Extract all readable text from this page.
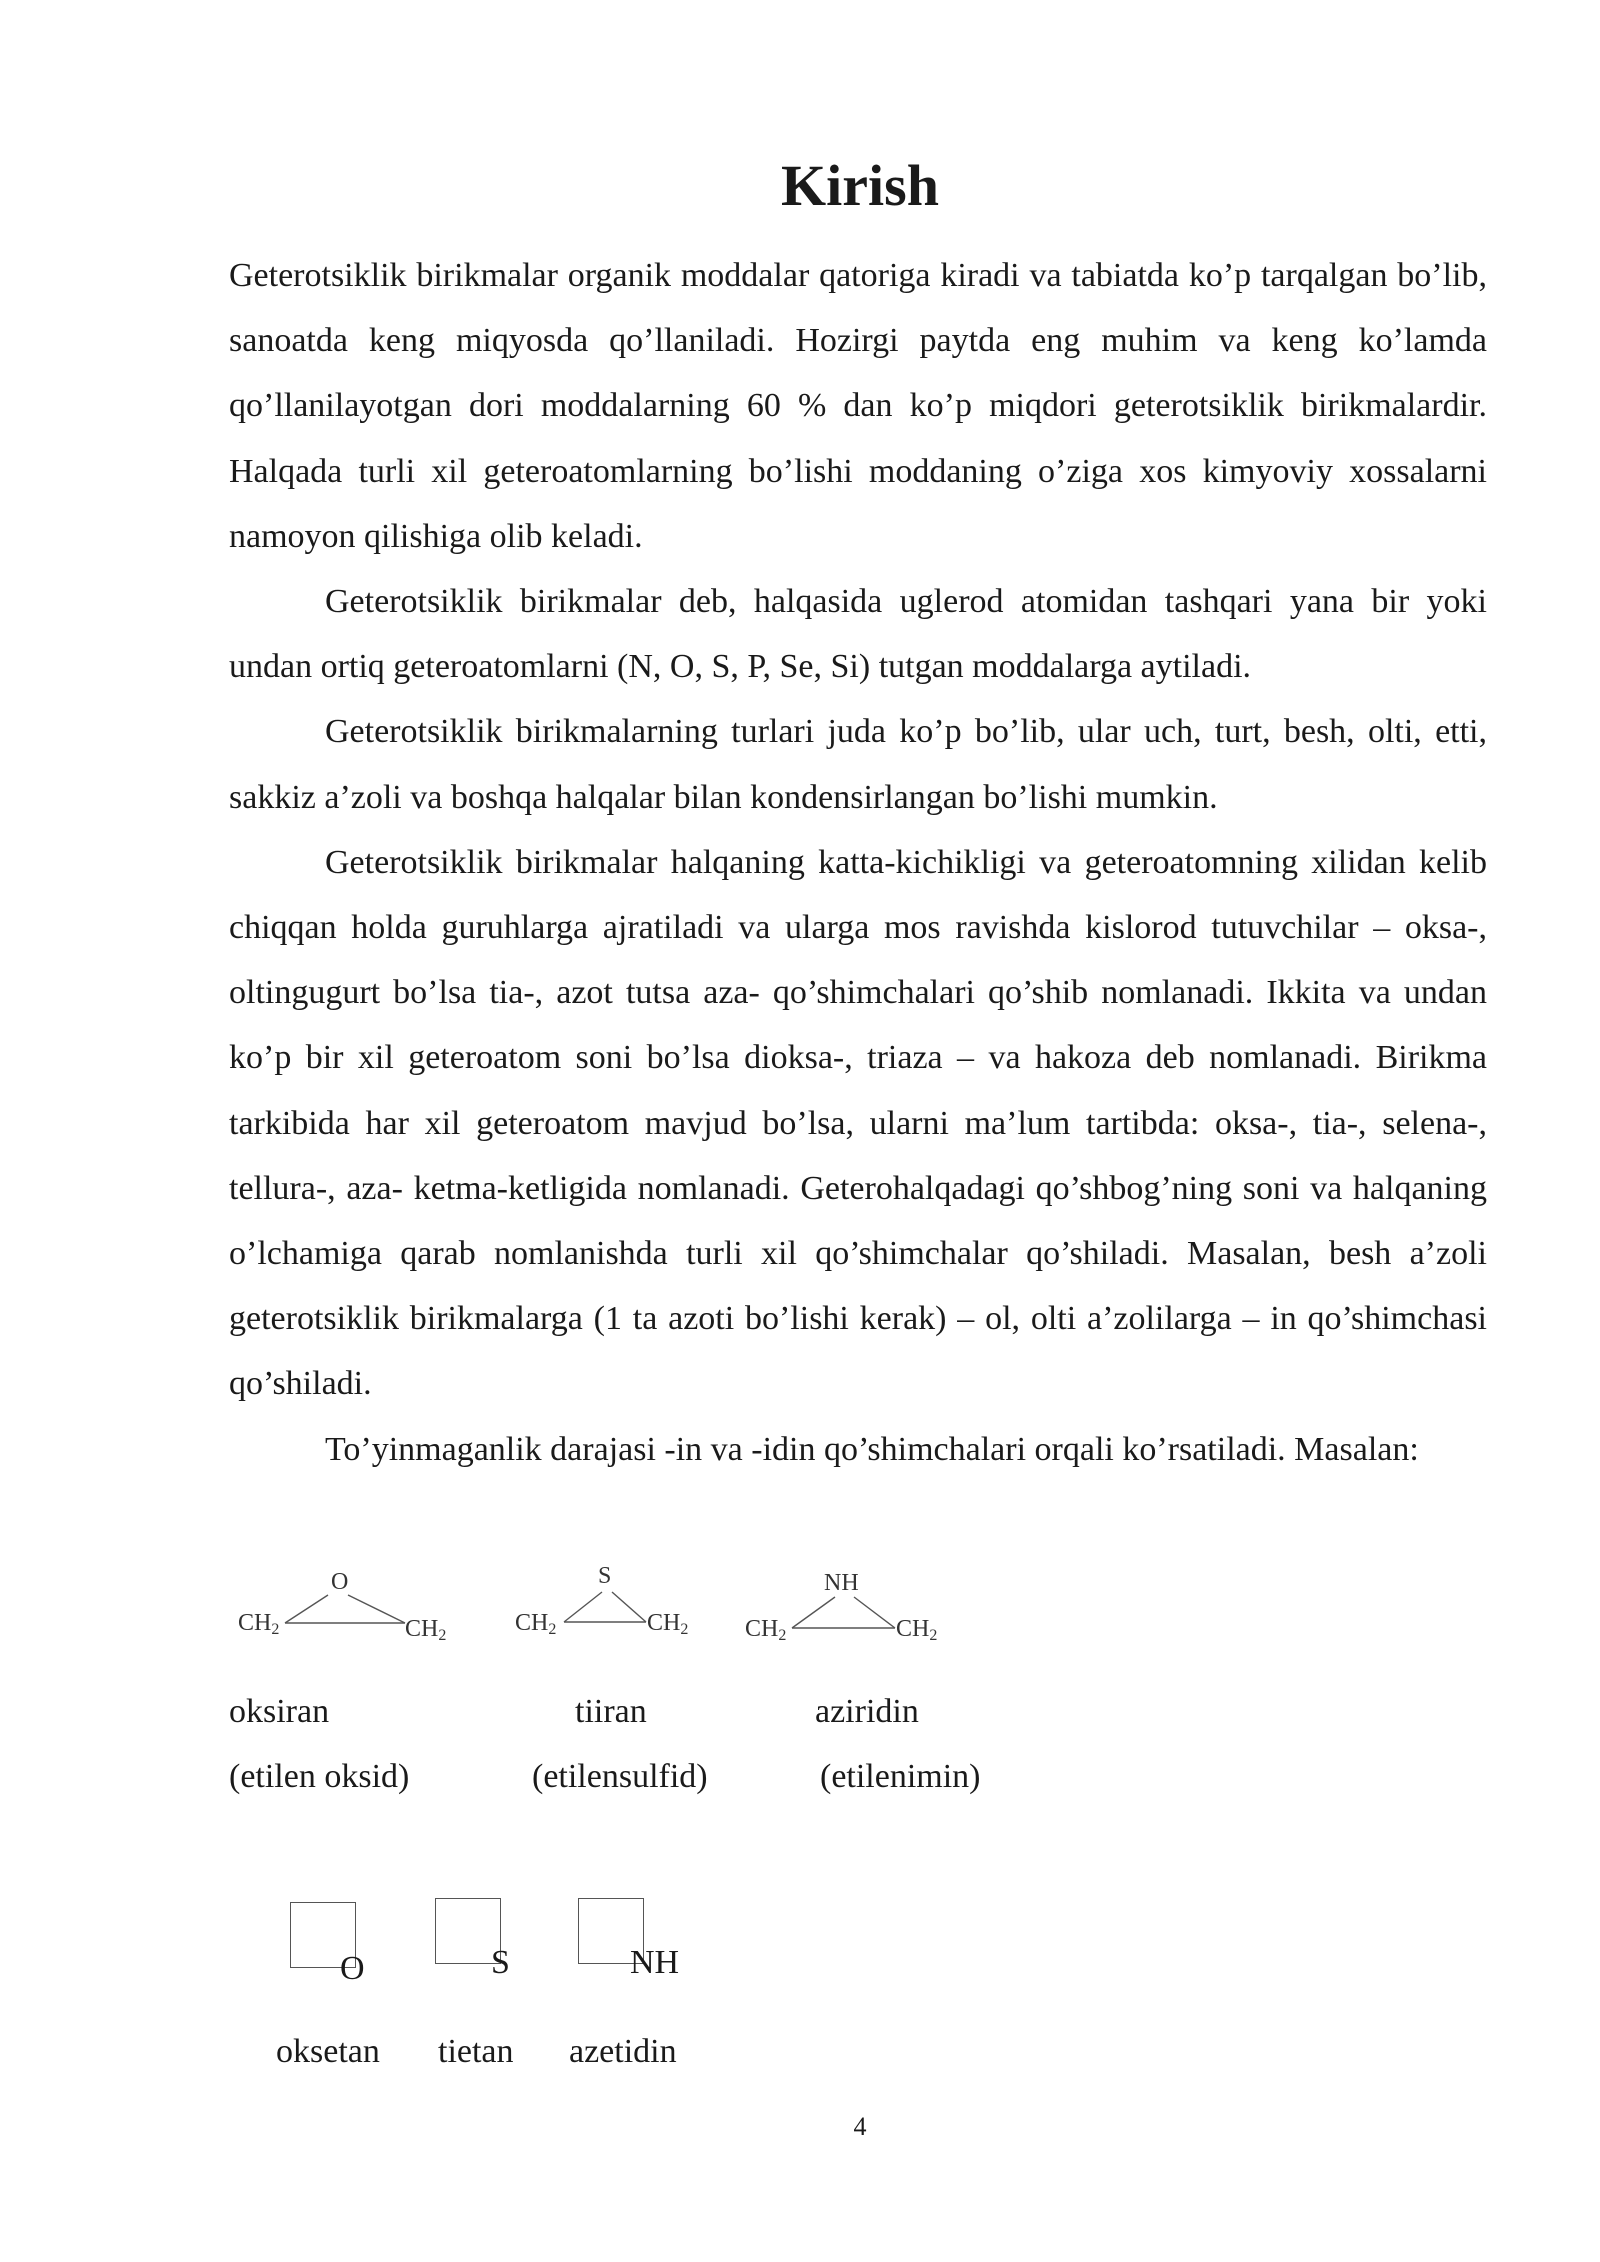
Kirish

Geterotsiklik birikmalar organik moddalar qatoriga kiradi va tabiatda ko’p tarqalgan bo’lib, sanoatda keng miqyosda qo’llaniladi. Hozirgi paytda eng muhim va keng ko’lamda qo’llanilayotgan dori moddalarning 60 % dan ko’p miqdori geterotsiklik birikmalardir. Halqada turli xil geteroatomlarning bo’lishi moddaning o’ziga xos kimyoviy xossalarni namoyon qilishiga olib keladi.

Geterotsiklik birikmalar deb, halqasida uglerod atomidan tashqari yana bir yoki undan ortiq geteroatomlarni (N, O, S, P, Se, Si) tutgan moddalarga aytiladi.

Geterotsiklik birikmalarning turlari juda ko’p bo’lib, ular uch, turt, besh, olti, etti, sakkiz a’zoli va boshqa halqalar bilan kondensirlangan bo’lishi mumkin.

Geterotsiklik birikmalar halqaning katta-kichikligi va geteroatomning xilidan kelib chiqqan holda guruhlarga ajratiladi va ularga mos ravishda kislorod tutuvchilar – oksa-, oltingugurt bo’lsa tia-, azot tutsa aza- qo’shimchalari qo’shib nomlanadi. Ikkita va undan ko’p bir xil geteroatom soni bo’lsa dioksa-, triaza – va hakoza deb nomlanadi. Birikma tarkibida har xil geteroatom mavjud bo’lsa, ularni ma’lum tartibda: oksa-, tia-, selena-, tellura-, aza- ketma-ketligida nomlanadi. Geterohalqadagi qo’shbog’ning soni va halqaning o’lchamiga qarab nomlanishda turli xil qo’shimchalar qo’shiladi. Masalan, besh a’zoli geterotsiklik birikmalarga (1 ta azoti bo’lishi kerak) – ol, olti a’zolilarga – in qo’shimchasi qo’shiladi.

To’yinmaganlik darajasi -in va -idin qo’shimchalari orqali ko’rsatiladi. Masalan:

O
$CH_2$	$CH_2$
S
$CH_2$	$CH_2$
NH
$CH_2$	$CH_2$
oksiran	tiiran	aziridin
(etilen oksid)	(etilensulfid)	(etilenimin)
O	S	NH
oksetan tietan azetidin
4
